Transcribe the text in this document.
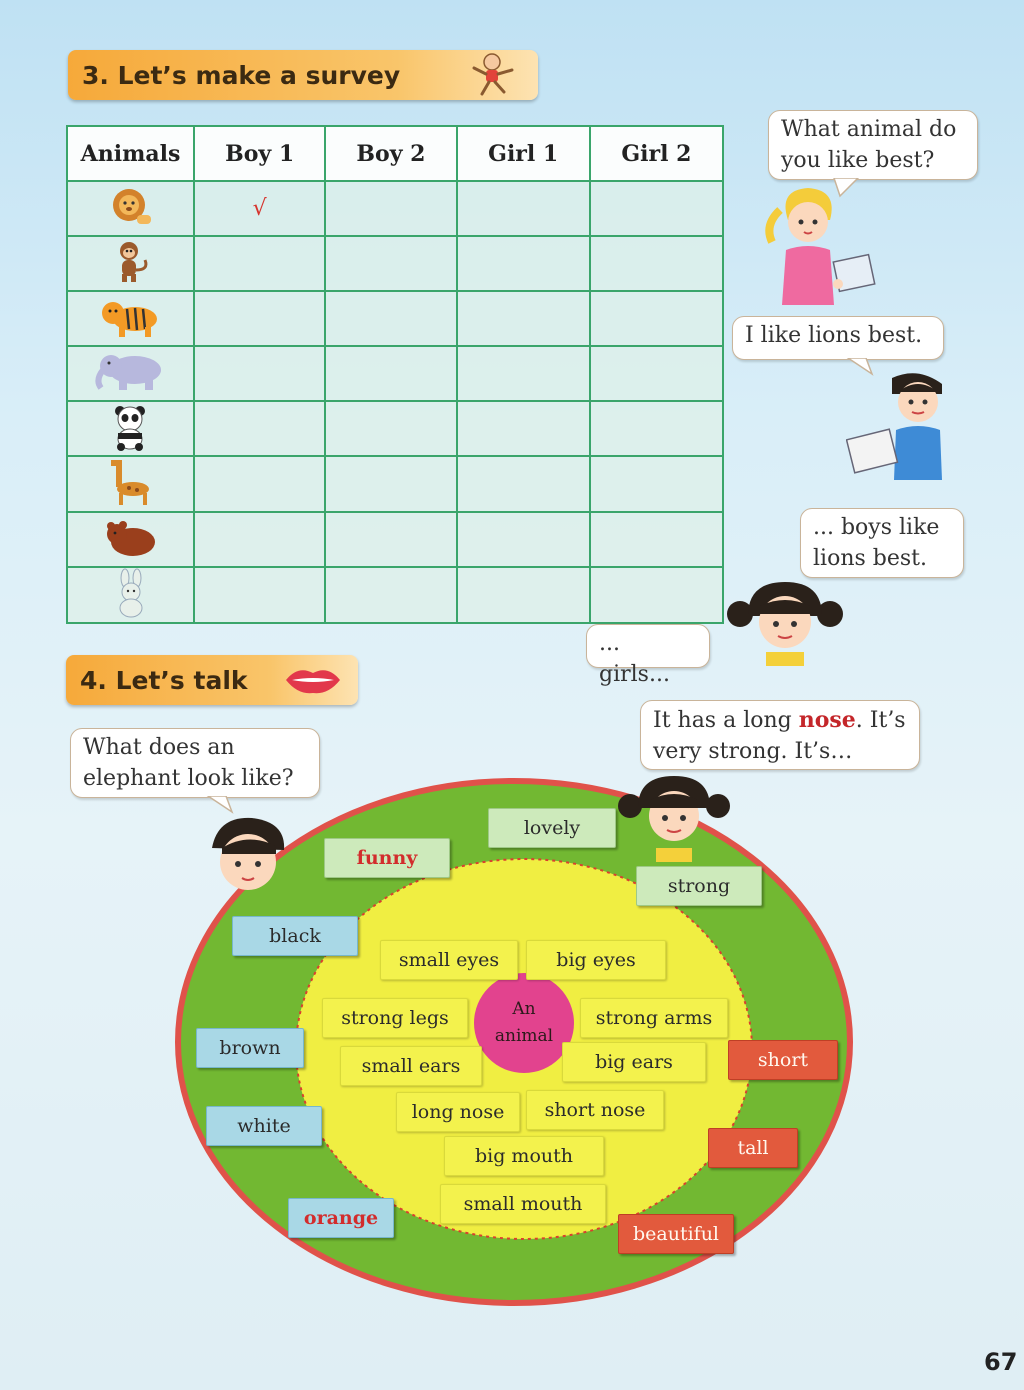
3. Let’s make a survey
Animals	Boy 1	Boy 2	Girl 1	Girl 2
	√			

What animal do
you like best?
I like lions best.
... boys like
lions best.
... girls...
4. Let’s talk
What does an
elephant look like?
It has a long nose. It’s
very strong. It’s…
An
animal
funny
lovely
strong
black
brown
white
orange
short
tall
beautiful
small eyes	big eyes
strong legs	strong arms
small ears	big ears
long nose short nose
big mouth
small mouth
67
